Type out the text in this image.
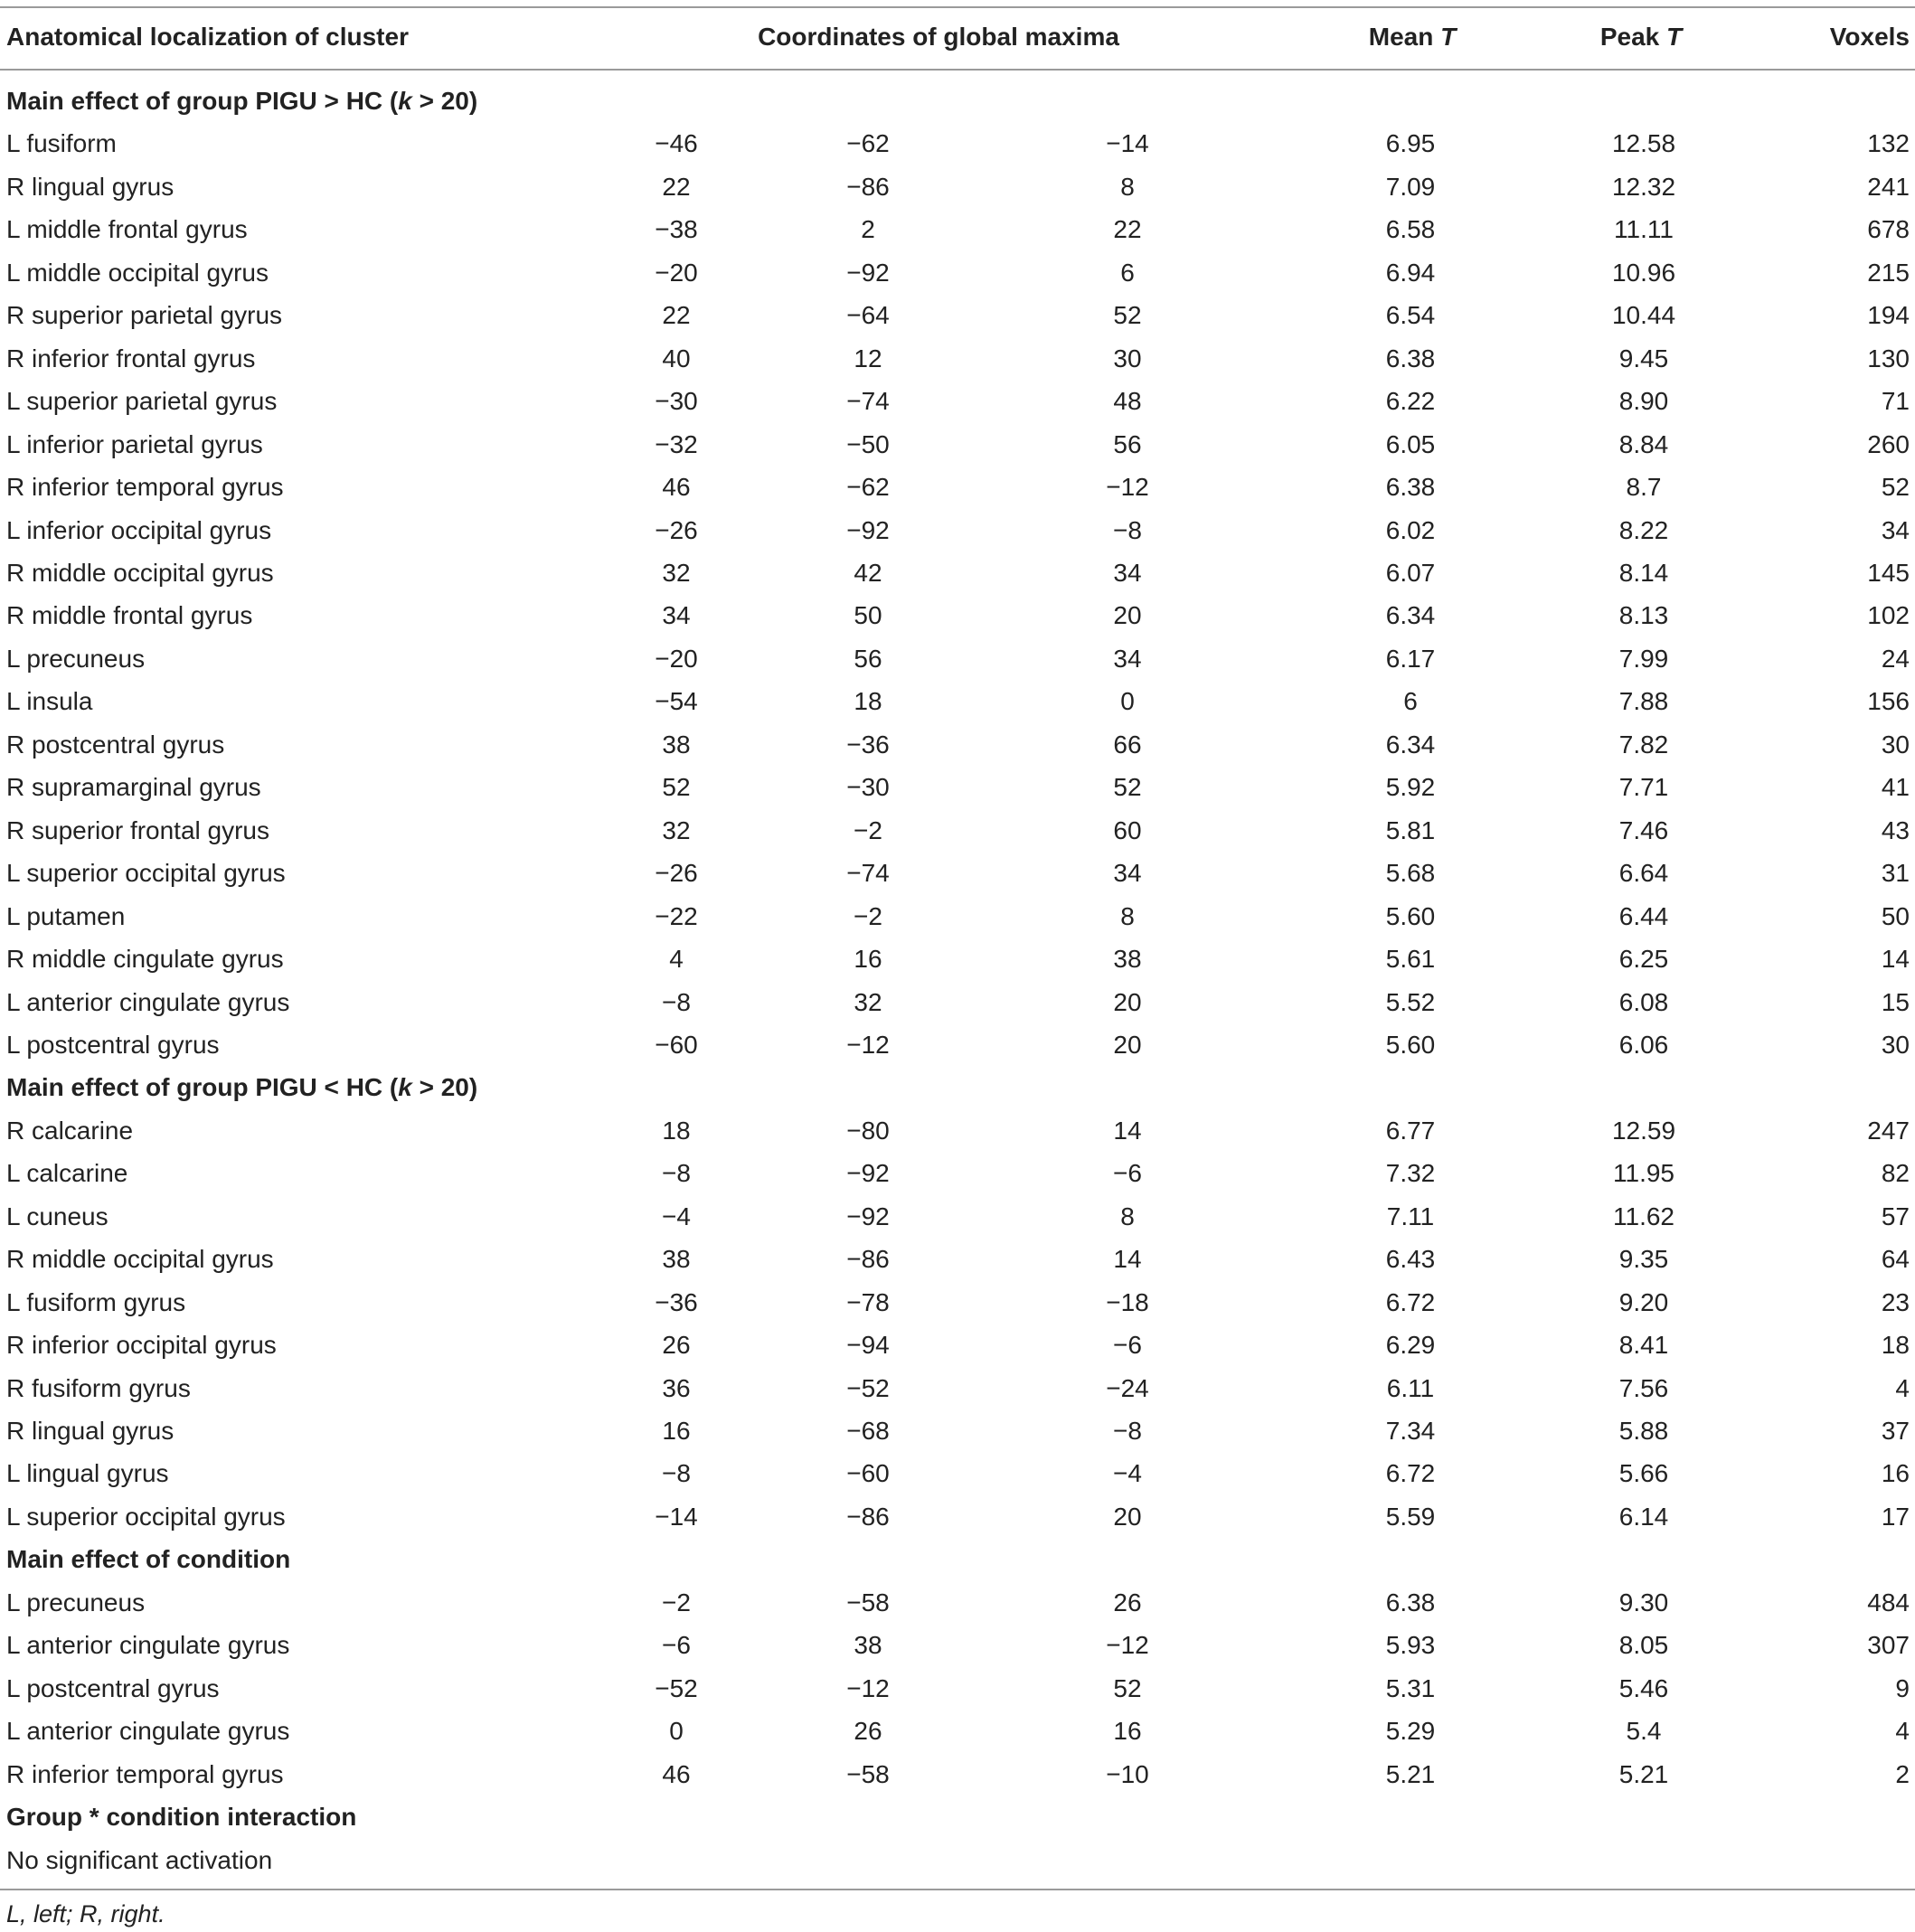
Anatomical localization of cluster	Coordinates of global maxima	Mean T	Peak T	Voxels
Main effect of group PIGU > HC (k > 20)
L fusiform	−46	−62	−14	6.95	12.58	132
R lingual gyrus	22	−86	8	7.09	12.32	241
L middle frontal gyrus	−38	2	22	6.58	11.11	678
L middle occipital gyrus	−20	−92	6	6.94	10.96	215
R superior parietal gyrus	22	−64	52	6.54	10.44	194
R inferior frontal gyrus	40	12	30	6.38	9.45	130
L superior parietal gyrus	−30	−74	48	6.22	8.90	71
L inferior parietal gyrus	−32	−50	56	6.05	8.84	260
R inferior temporal gyrus	46	−62	−12	6.38	8.7	52
L inferior occipital gyrus	−26	−92	−8	6.02	8.22	34
R middle occipital gyrus	32	42	34	6.07	8.14	145
R middle frontal gyrus	34	50	20	6.34	8.13	102
L precuneus	−20	56	34	6.17	7.99	24
L insula	−54	18	0	6	7.88	156
R postcentral gyrus	38	−36	66	6.34	7.82	30
R supramarginal gyrus	52	−30	52	5.92	7.71	41
R superior frontal gyrus	32	−2	60	5.81	7.46	43
L superior occipital gyrus	−26	−74	34	5.68	6.64	31
L putamen	−22	−2	8	5.60	6.44	50
R middle cingulate gyrus	4	16	38	5.61	6.25	14
L anterior cingulate gyrus	−8	32	20	5.52	6.08	15
L postcentral gyrus	−60	−12	20	5.60	6.06	30
Main effect of group PIGU < HC (k > 20)
R calcarine	18	−80	14	6.77	12.59	247
L calcarine	−8	−92	−6	7.32	11.95	82
L cuneus	−4	−92	8	7.11	11.62	57
R middle occipital gyrus	38	−86	14	6.43	9.35	64
L fusiform gyrus	−36	−78	−18	6.72	9.20	23
R inferior occipital gyrus	26	−94	−6	6.29	8.41	18
R fusiform gyrus	36	−52	−24	6.11	7.56	4
R lingual gyrus	16	−68	−8	7.34	5.88	37
L lingual gyrus	−8	−60	−4	6.72	5.66	16
L superior occipital gyrus	−14	−86	20	5.59	6.14	17
Main effect of condition
L precuneus	−2	−58	26	6.38	9.30	484
L anterior cingulate gyrus	−6	38	−12	5.93	8.05	307
L postcentral gyrus	−52	−12	52	5.31	5.46	9
L anterior cingulate gyrus	0	26	16	5.29	5.4	4
R inferior temporal gyrus	46	−58	−10	5.21	5.21	2
Group * condition interaction
No significant activation
L, left; R, right.
